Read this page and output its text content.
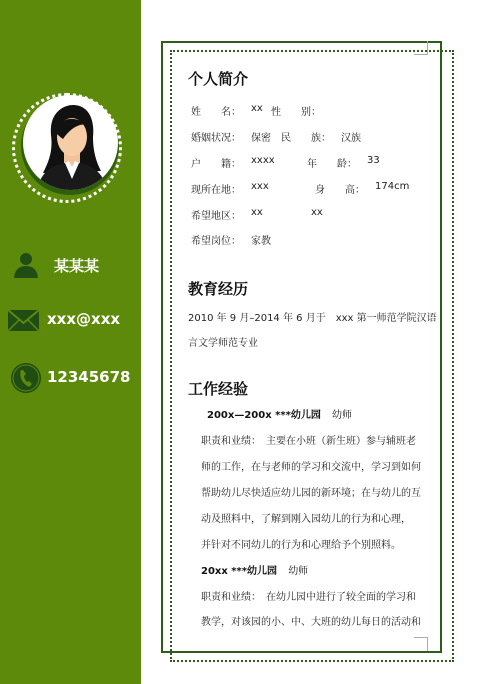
某某某
xxx@xxx
12345678
个人简介
姓　　名： xx 性　　别：
婚姻状况： 保密 民　　族： 汉族
户　　籍： xxxx	年　　龄： 33
现所在地： xxx	身　　高： 174cm
希望地区： xx	xx
希望岗位： 家教
教育经历
2010 年 9 月–2014 年 6 月于　xxx 第一师范学院汉语
言文学师范专业
工作经验
200x—200x ***幼儿园 幼师
职责和业绩：　主要在小班（新生班）参与辅班老
师的工作，在与老师的学习和交流中，学习到如何
帮助幼儿尽快适应幼儿园的新环境；在与幼儿的互
动及照料中，了解到刚入园幼儿的行为和心理，
并针对不同幼儿的行为和心理给予个别照料。
20xx ***幼儿园 幼师
职责和业绩：　在幼儿园中进行了较全面的学习和
教学，对该园的小、中、大班的幼儿每日的活动和
